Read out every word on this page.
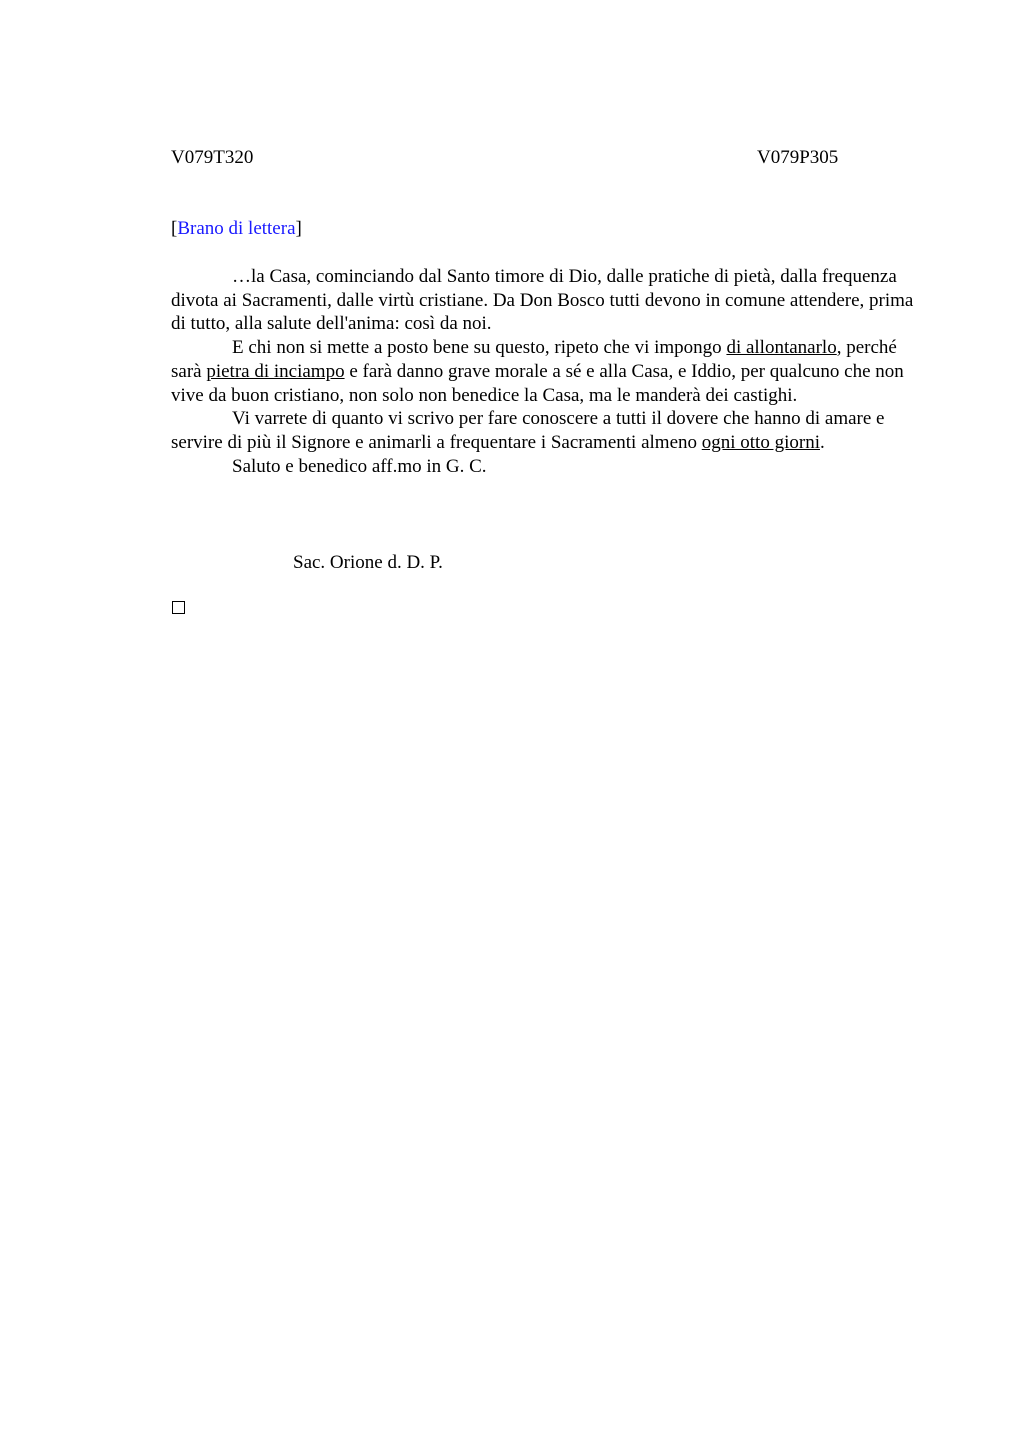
V079T320	V079P305
[Brano di lettera]

…la Casa, cominciando dal Santo timore di Dio, dalle pratiche di pietà, dalla frequenza divota ai Sacramenti, dalle virtù cristiane. Da Don Bosco tutti devono in comune attendere, prima di tutto, alla salute dell'anima: così da noi.

E chi non si mette a posto bene su questo, ripeto che vi impongo di allontanarlo, perché sarà pietra di inciampo e farà danno grave morale a sé e alla Casa, e Iddio, per qualcuno che non vive da buon cristiano, non solo non benedice la Casa, ma le manderà dei castighi.

Vi varrete di quanto vi scrivo per fare conoscere a tutti il dovere che hanno di amare e servire di più il Signore e animarli a frequentare i Sacramenti almeno ogni otto giorni.

Saluto e benedico aff.mo in G. C.

Sac. Orione d. D. P.
